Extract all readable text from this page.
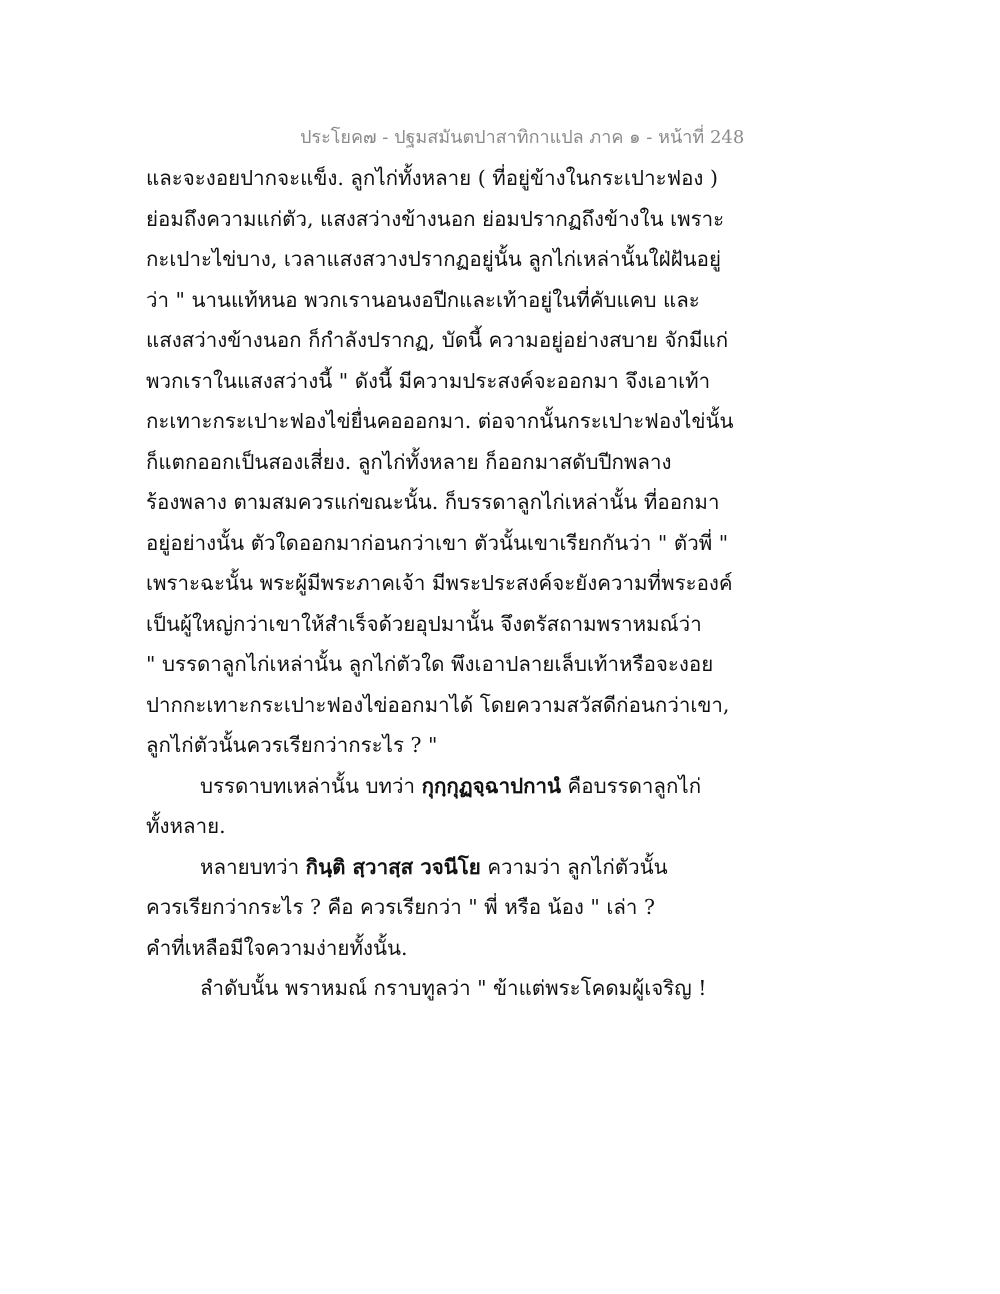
ประโยค๗ - ปฐมสมันตปาสาทิกาแปล ภาค ๑ - หน้าที่ 248
และจะงอยปากจะแข็ง. ลูกไก่ทั้งหลาย ( ที่อยู่ข้างในกระเปาะฟอง )
ย่อมถึงความแก่ตัว, แสงสว่างข้างนอก ย่อมปรากฏถึงข้างใน เพราะ
กะเปาะไข่บาง, เวลาแสงสวางปรากฏอยู่นั้น ลูกไก่เหล่านั้นใฝ่ฝันอยู่
ว่า " นานแท้หนอ พวกเรานอนงอปีกและเท้าอยู่ในที่คับแคบ และ
แสงสว่างข้างนอก ก็กำลังปรากฏ, บัดนี้ ความอยู่อย่างสบาย จักมีแก่
พวกเราในแสงสว่างนี้ " ดังนี้ มีความประสงค์จะออกมา จึงเอาเท้า
กะเทาะกระเปาะฟองไข่ยื่นคอออกมา. ต่อจากนั้นกระเปาะฟองไข่นั้น
ก็แตกออกเป็นสองเสี่ยง. ลูกไก่ทั้งหลาย ก็ออกมาสดับปีกพลาง
ร้องพลาง ตามสมควรแก่ขณะนั้น. ก็บรรดาลูกไก่เหล่านั้น ที่ออกมา
อยู่อย่างนั้น ตัวใดออกมาก่อนกว่าเขา ตัวนั้นเขาเรียกกันว่า " ตัวพี่ "
เพราะฉะนั้น พระผู้มีพระภาคเจ้า มีพระประสงค์จะยังความที่พระองค์
เป็นผู้ใหญ่กว่าเขาให้สำเร็จด้วยอุปมานั้น จึงตรัสถามพราหมณ์ว่า
" บรรดาลูกไก่เหล่านั้น ลูกไก่ตัวใด พึงเอาปลายเล็บเท้าหรือจะงอย
ปากกะเทาะกระเปาะฟองไข่ออกมาได้ โดยความสวัสดีก่อนกว่าเขา,
ลูกไก่ตัวนั้นควรเรียกว่ากระไร ? "
บรรดาบทเหล่านั้น บทว่า กุกฺกุฏจฺฉาปกานํ คือบรรดาลูกไก่
ทั้งหลาย.
หลายบทว่า กินฺติ สฺวาสฺส วจนีโย ความว่า ลูกไก่ตัวนั้น
ควรเรียกว่ากระไร ? คือ ควรเรียกว่า " พี่ หรือ น้อง " เล่า ?
คำที่เหลือมีใจความง่ายทั้งนั้น.
ลำดับนั้น พราหมณ์ กราบทูลว่า " ข้าแต่พระโคดมผู้เจริญ !
